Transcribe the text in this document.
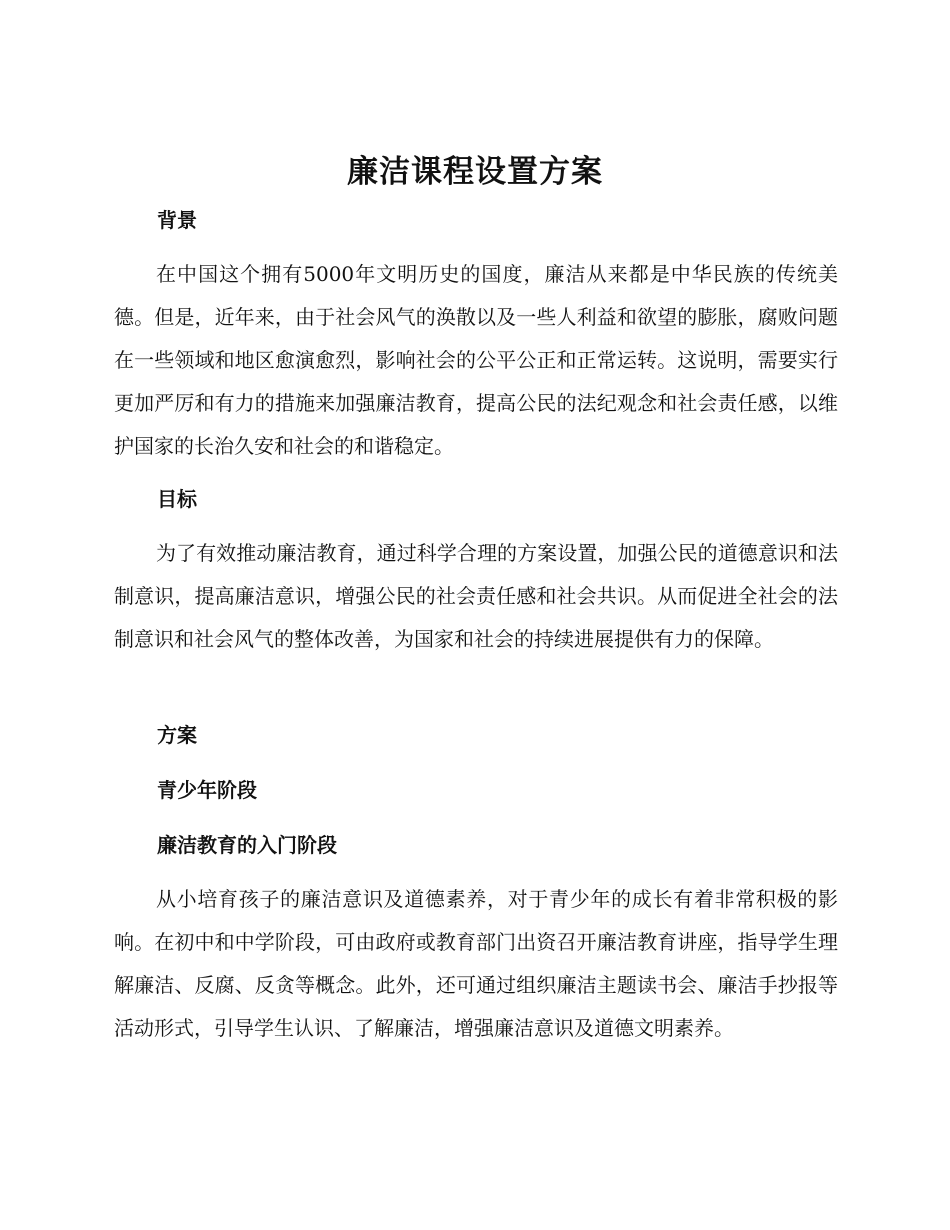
廉洁课程设置方案
背景

在中国这个拥有5000年文明历史的国度，廉洁从来都是中华民族的传统美德。但是，近年来，由于社会风气的涣散以及一些人利益和欲望的膨胀，腐败问题在一些领域和地区愈演愈烈，影响社会的公平公正和正常运转。这说明，需要实行更加严厉和有力的措施来加强廉洁教育，提高公民的法纪观念和社会责任感，以维护国家的长治久安和社会的和谐稳定。

目标

为了有效推动廉洁教育，通过科学合理的方案设置，加强公民的道德意识和法制意识，提高廉洁意识，增强公民的社会责任感和社会共识。从而促进全社会的法制意识和社会风气的整体改善，为国家和社会的持续进展提供有力的保障。

方案
青少年阶段
廉洁教育的入门阶段

从小培育孩子的廉洁意识及道德素养，对于青少年的成长有着非常积极的影响。在初中和中学阶段，可由政府或教育部门出资召开廉洁教育讲座，指导学生理解廉洁、反腐、反贪等概念。此外，还可通过组织廉洁主题读书会、廉洁手抄报等活动形式，引导学生认识、了解廉洁，增强廉洁意识及道德文明素养。
